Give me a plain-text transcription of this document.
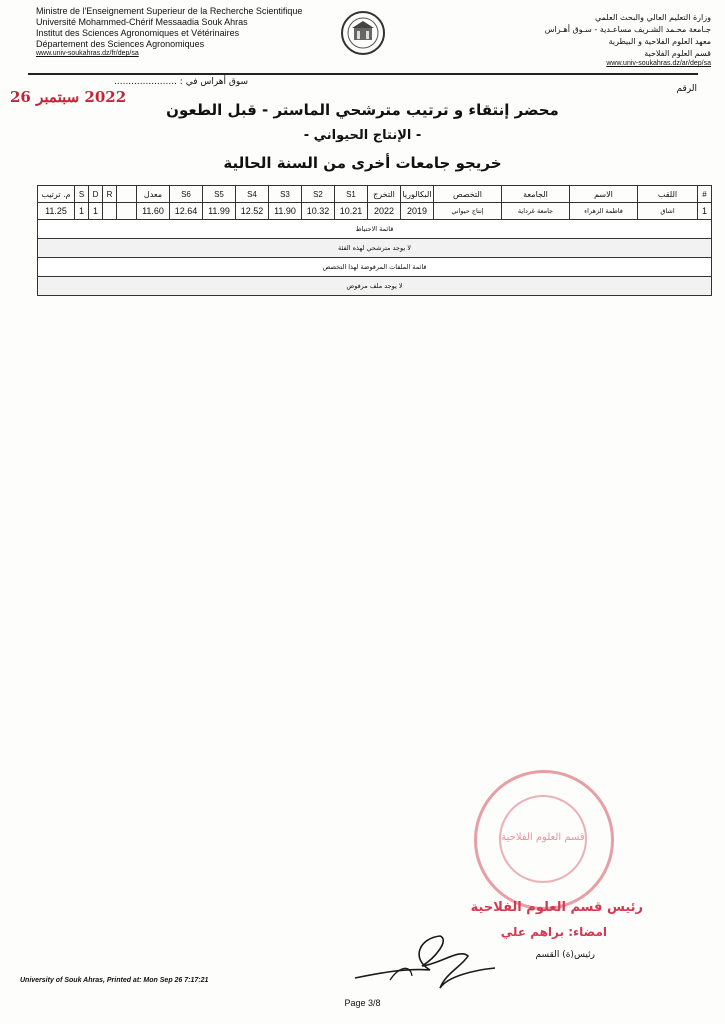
Ministre de l'Enseignement Superieur de la Recherche Scientifique
Université Mohammed-Chérif Messaadia Souk Ahras
Institut des Sciences Agronomiques et Vétérinaires
Département des Sciences Agronomiques
www.univ-soukahras.dz/fr/dep/sa
وزارة التعليم العالي والبحث العلمي
جـامعة محـمد الشـريف مساعـدية - سـوق أهـراس
معهد العلوم الفلاحية و البيطرية
قسم العلوم الفلاحية
www.univ-soukahras.dz/ar/dep/sa
الرقم
سوق أهراس في : ......................
2022 سبتمبر 26
محضر إنتقاء و ترتيب مترشحي الماستر - قبل الطعون
- الإنتاج الحيواني -
خريجو جامعات أخرى من السنة الحالية
م. ترتيب	S	D	R		معدل	S6	S5	S4	S3	S2	S1	التخرج	البكالوريا	التخصص	الجامعة	الاسم	اللقب	#
11.25	1	1			11.60	12.64	11.99	12.52	11.90	10.32	10.21	2022	2019	إنتاج حيواني	جامعة غرداية	فاطمة الزهراء	اشاق	1
قائمة الاحتياط																		
لا يوجد مترشحي لهذه الفئة																		
قائمة الملفات المرفوضة لهذا التخصص																		
لا يوجد ملف مرفوض																		
قسم العلوم الفلاحية
رئيس قسم العلوم الفلاحية
امضاء: براهم علي
رئيس(ة) القسم
University of Souk Ahras, Printed at: Mon Sep 26 7:17:21
Page 3/8
